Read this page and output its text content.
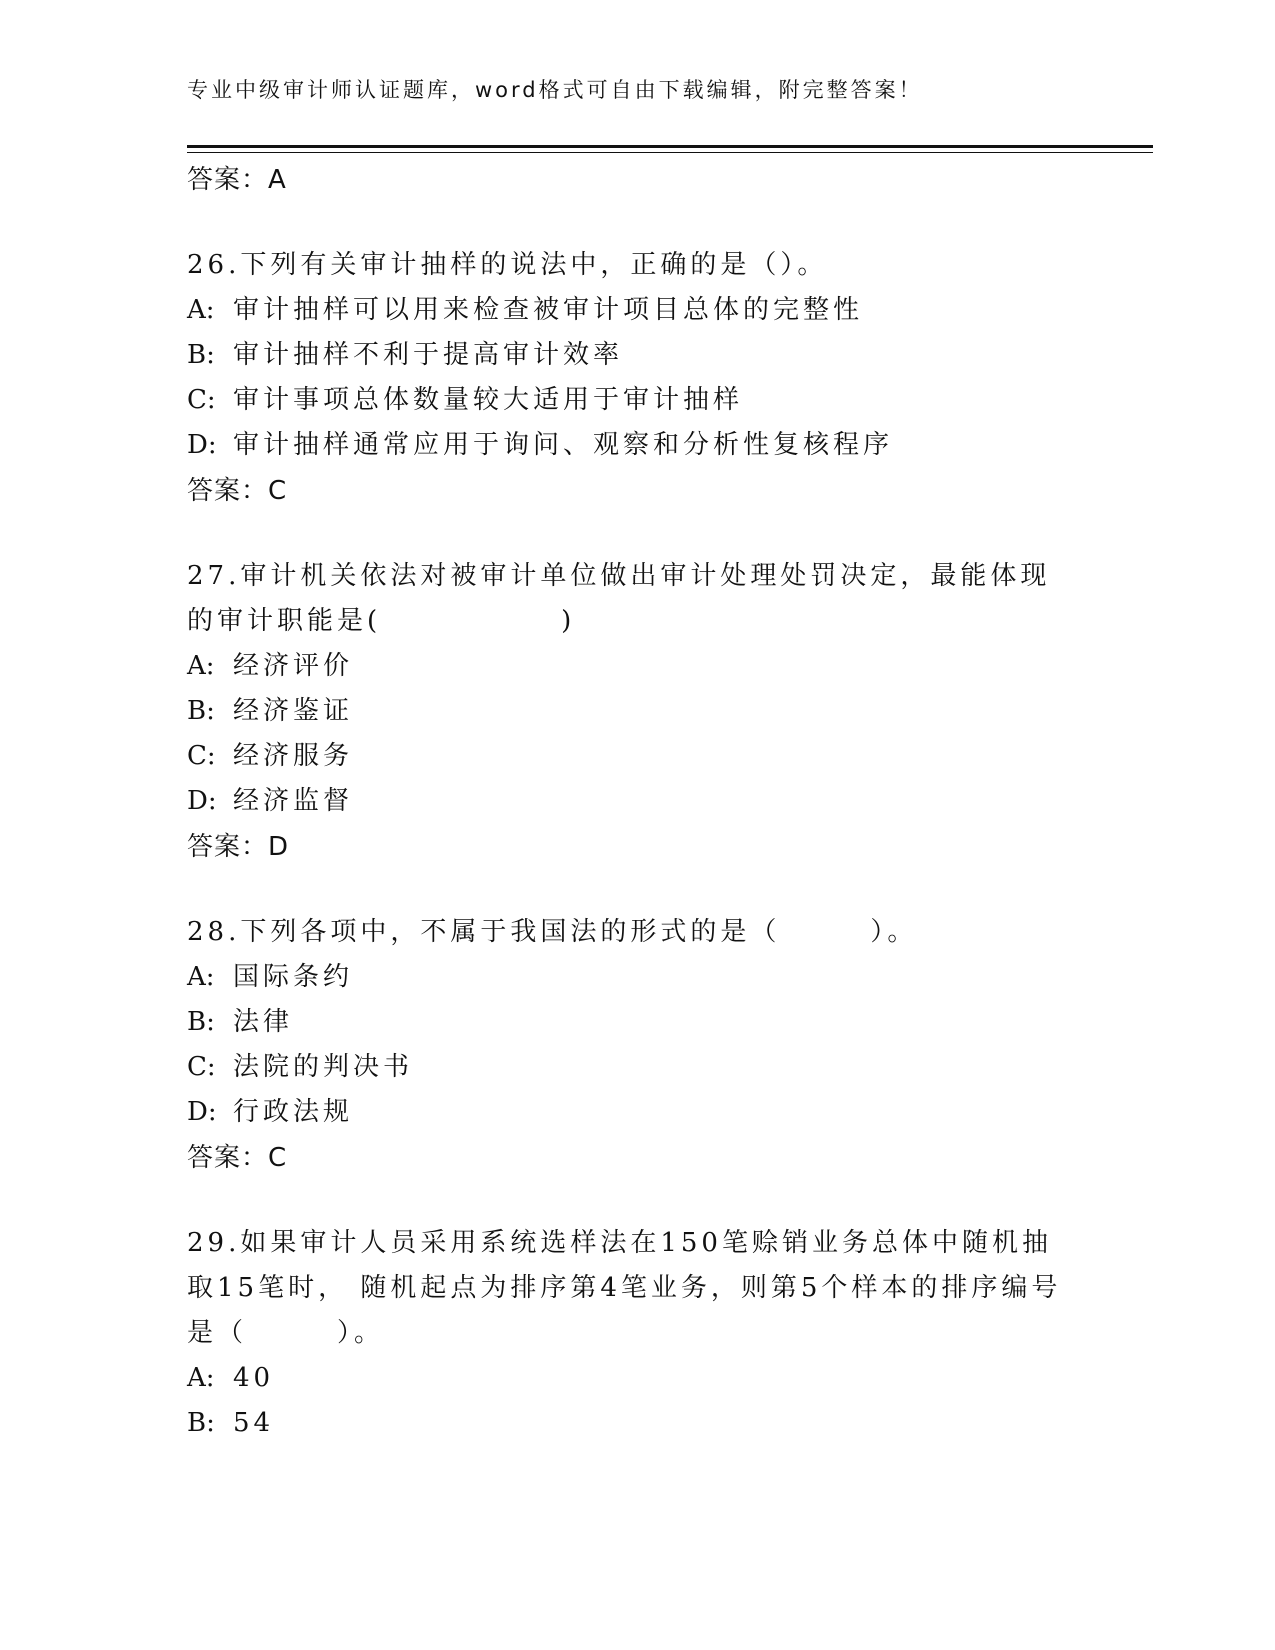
专业中级审计师认证题库，word格式可自由下载编辑，附完整答案！
答案：A
26.下列有关审计抽样的说法中，正确的是（）。
A: 审计抽样可以用来检查被审计项目总体的完整性
B: 审计抽样不利于提高审计效率
C: 审计事项总体数量较大适用于审计抽样
D: 审计抽样通常应用于询问、观察和分析性复核程序
答案：C
27.审计机关依法对被审计单位做出审计处理处罚决定，最能体现的审计职能是(　　　　　　)
A: 经济评价
B: 经济鉴证
C: 经济服务
D: 经济监督
答案：D
28.下列各项中，不属于我国法的形式的是（　　　）。
A: 国际条约
B: 法律
C: 法院的判决书
D: 行政法规
答案：C
29.如果审计人员采用系统选样法在150笔赊销业务总体中随机抽取15笔时， 随机起点为排序第4笔业务，则第5个样本的排序编号是（　　　）。
A: 40
B: 54
